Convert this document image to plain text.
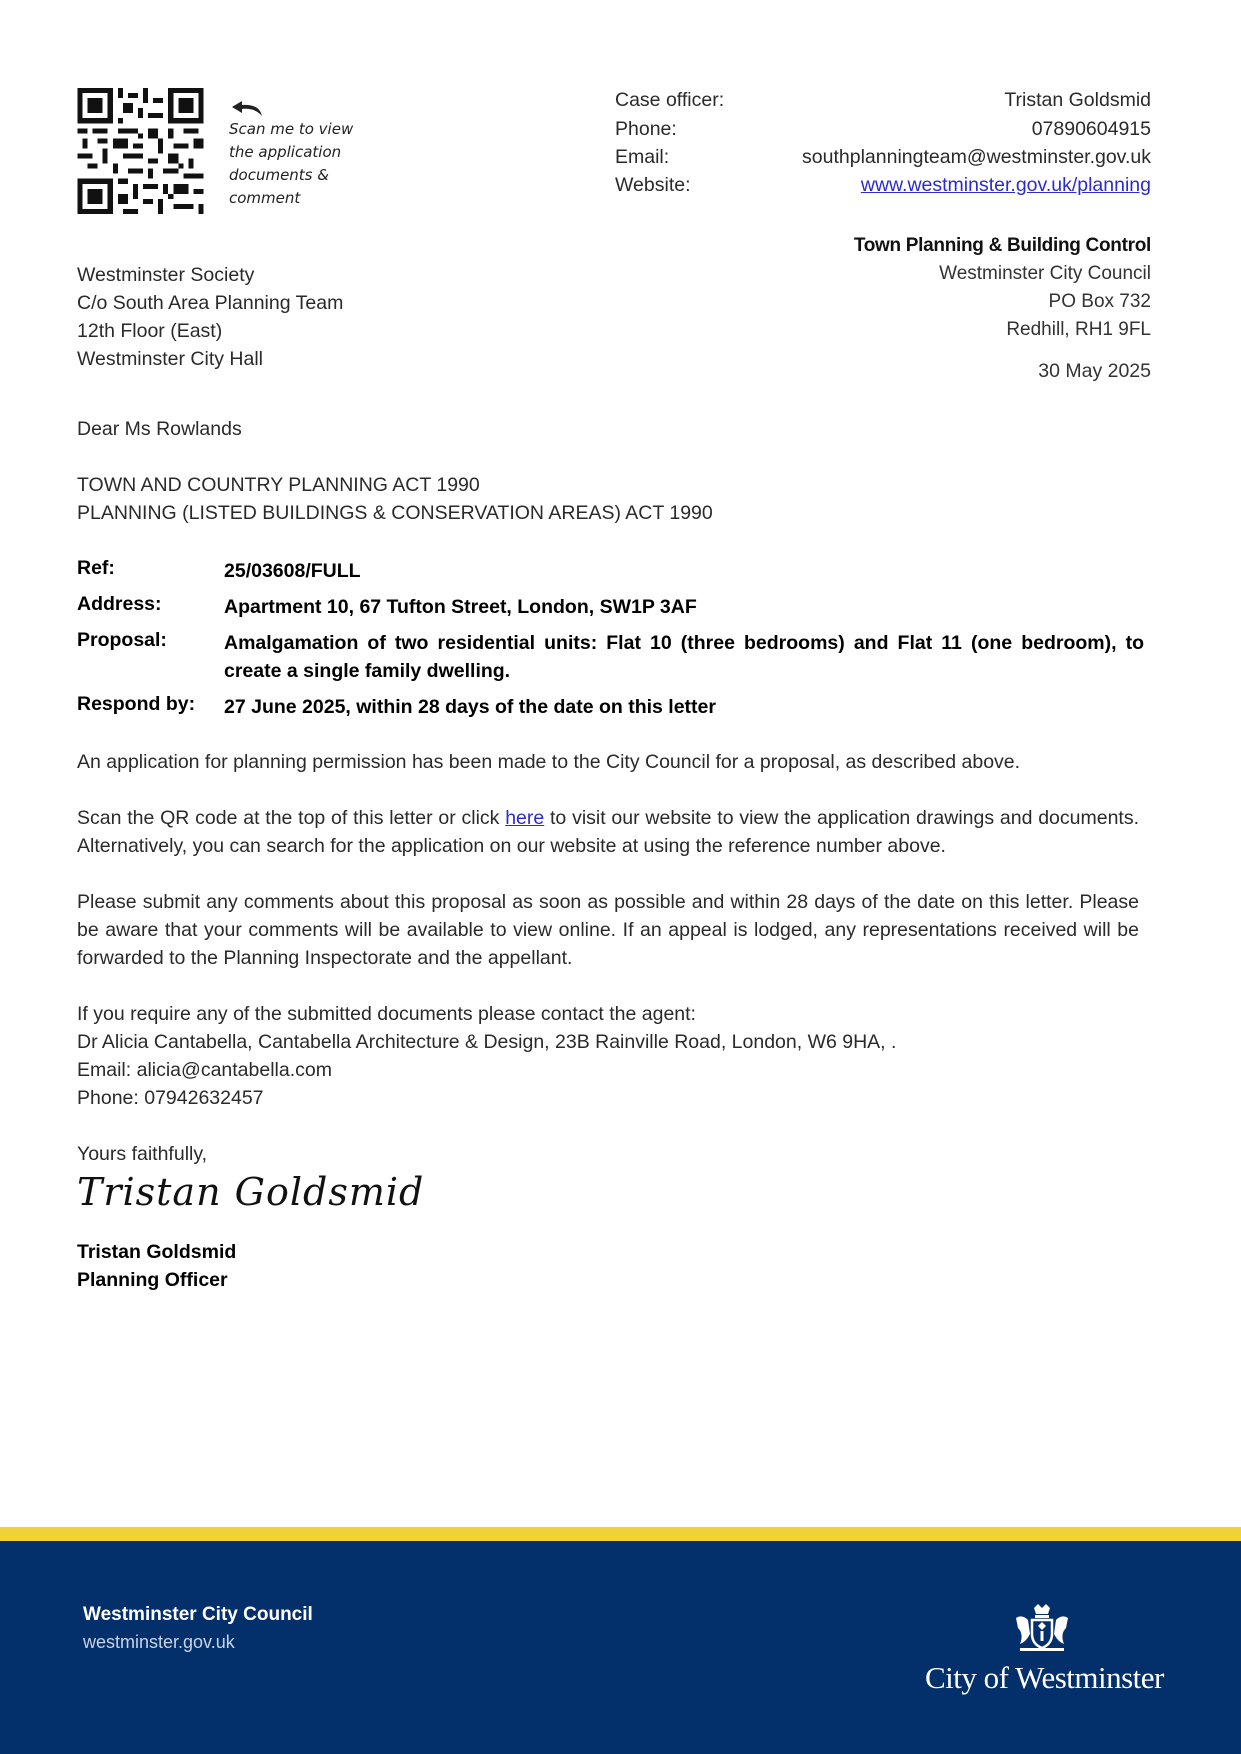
Scan me to view
the application
documents &
comment
Case officer:	Tristan Goldsmid
Phone:	07890604915
Email:	southplanningteam@westminster.gov.uk
Website:	www.westminster.gov.uk/planning
Town Planning & Building Control
Westminster City Council
PO Box 732
Redhill, RH1 9FL
30 May 2025
Westminster Society
C/o South Area Planning Team
12th Floor (East)
Westminster City Hall
Dear Ms Rowlands
TOWN AND COUNTRY PLANNING ACT 1990
PLANNING (LISTED BUILDINGS & CONSERVATION AREAS) ACT 1990
Ref:	25/03608/FULL
Address:	Apartment 10, 67 Tufton Street, London, SW1P 3AF
Proposal:	Amalgamation of two residential units: Flat 10 (three bedrooms) and Flat 11 (one bedroom), to create a single family dwelling.
Respond by: 27 June 2025, within 28 days of the date on this letter
An application for planning permission has been made to the City Council for a proposal, as described above.
Scan the QR code at the top of this letter or click here to visit our website to view the application drawings and documents. Alternatively, you can search for the application on our website at using the reference number above.
Please submit any comments about this proposal as soon as possible and within 28 days of the date on this letter. Please be aware that your comments will be available to view online. If an appeal is lodged, any representations received will be forwarded to the Planning Inspectorate and the appellant.
If you require any of the submitted documents please contact the agent:
Dr Alicia Cantabella, Cantabella Architecture & Design, 23B Rainville Road, London, W6 9HA, .
Email: alicia@cantabella.com
Phone: 07942632457
Yours faithfully,
Tristan Goldsmid
Tristan Goldsmid
Planning Officer
Westminster City Council
westminster.gov.uk
City of Westminster
